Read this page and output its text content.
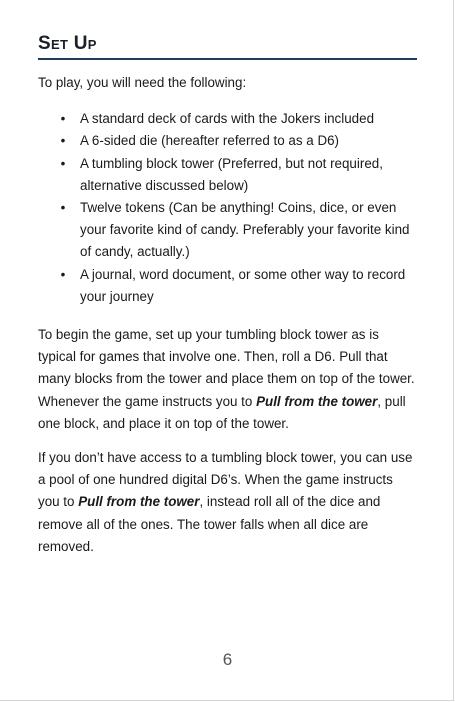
Set Up

To play, you will need the following:

• A standard deck of cards with the Jokers included
• A 6-sided die (hereafter referred to as a D6)
• A tumbling block tower (Preferred, but not required, alternative discussed below)
• Twelve tokens (Can be anything! Coins, dice, or even your favorite kind of candy. Preferably your favorite kind of candy, actually.)
• A journal, word document, or some other way to record your journey

To begin the game, set up your tumbling block tower as is typical for games that involve one. Then, roll a D6. Pull that many blocks from the tower and place them on top of the tower. Whenever the game instructs you to Pull from the tower, pull one block, and place it on top of the tower.

If you don’t have access to a tumbling block tower, you can use a pool of one hundred digital D6’s. When the game instructs you to Pull from the tower, instead roll all of the dice and remove all of the ones. The tower falls when all dice are removed.

6
